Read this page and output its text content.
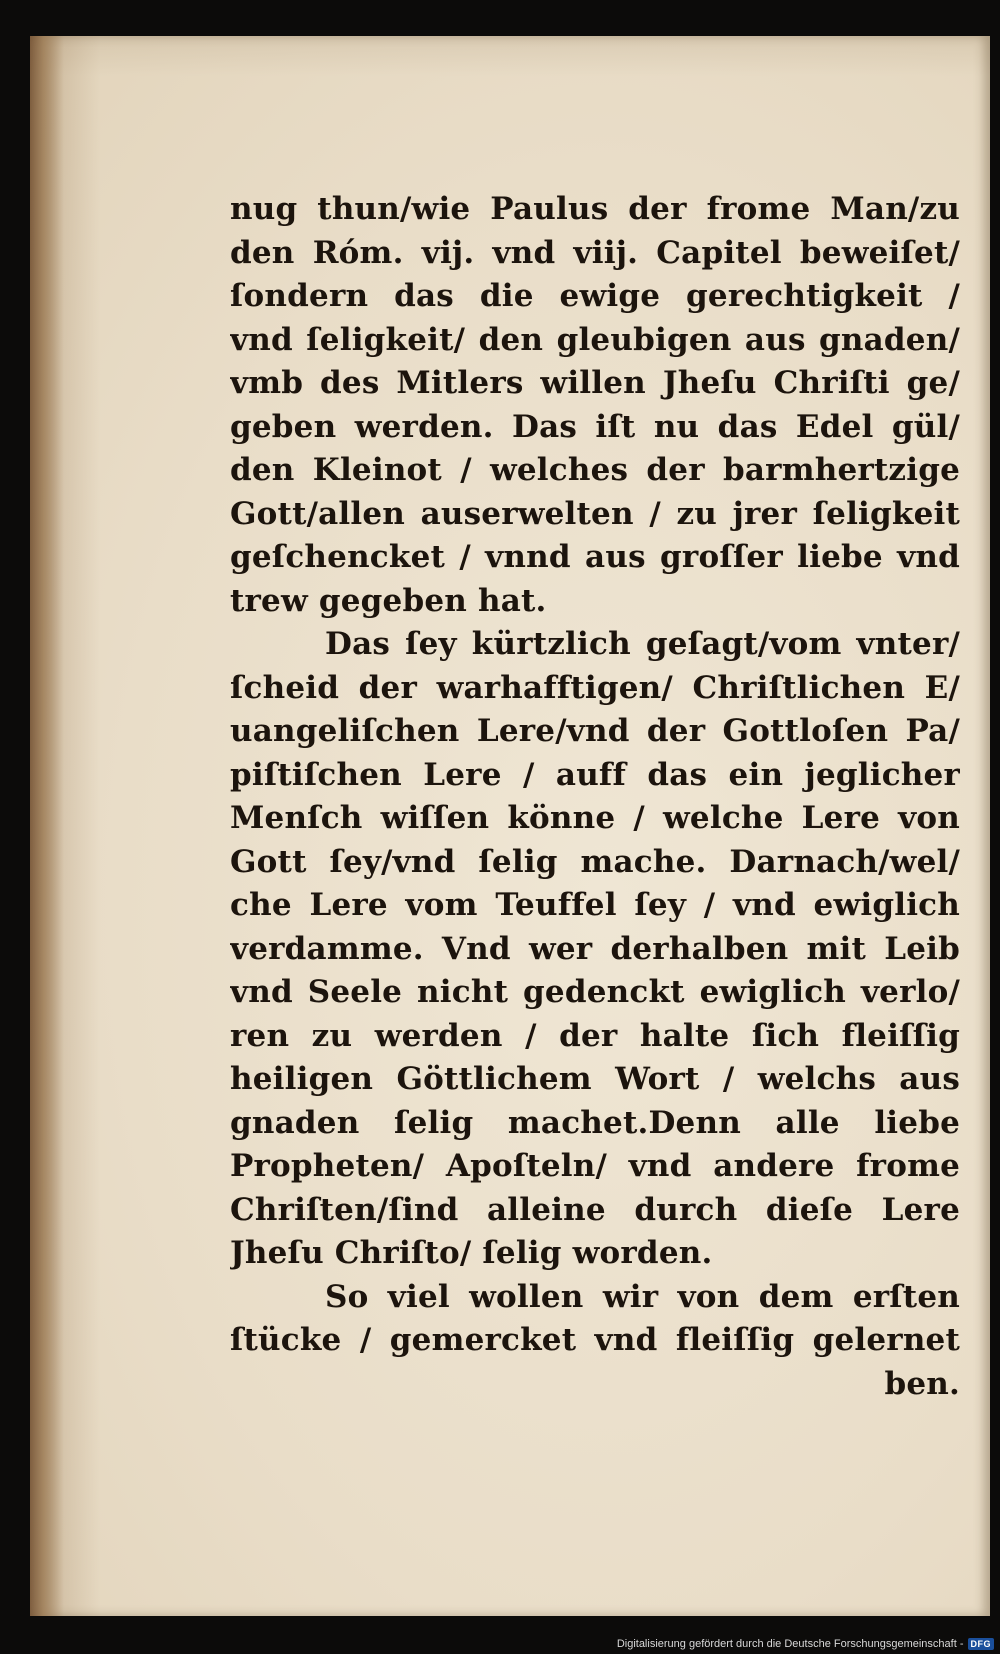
nug thun/wie Paulus der frome Man/zu
den Róm. vij. vnd viij. Capitel beweiſet/
ſondern das die ewige gerechtigkeit /
vnd ſeligkeit/ den gleubigen aus gnaden/
vmb des Mitlers willen Jheſu Chriſti ge/
geben werden. Das iſt nu das Edel gül/
den Kleinot / welches der barmhertzige
Gott/allen auserwelten / zu jrer ſeligkeit
geſchencket / vnnd aus groſſer liebe vnd
trew gegeben hat.
Das ſey kürtzlich geſagt/vom vnter/
ſcheid der warhafftigen/ Chriſtlichen E/
uangeliſchen Lere/vnd der Gottloſen Pa/
piſtiſchen Lere / auff das ein jeglicher
Menſch wiſſen könne / welche Lere von
Gott ſey/vnd ſelig mache. Darnach/wel/
che Lere vom Teuffel ſey / vnd ewiglich
verdamme. Vnd wer derhalben mit Leib
vnd Seele nicht gedenckt ewiglich verlo/
ren zu werden / der halte ſich fleiſſig
heiligen Göttlichem Wort / welchs aus
gnaden ſelig machet.Denn alle liebe
Propheten/ Apoſteln/ vnd andere frome
Chriſten/ſind alleine durch dieſe Lere
Jheſu Chriſto/ ſelig worden.
So viel wollen wir von dem erſten
ſtücke / gemercket vnd fleiſſig gelernet
ben.
Digitalisierung gefördert durch die Deutsche Forschungsgemeinschaft - DFG
